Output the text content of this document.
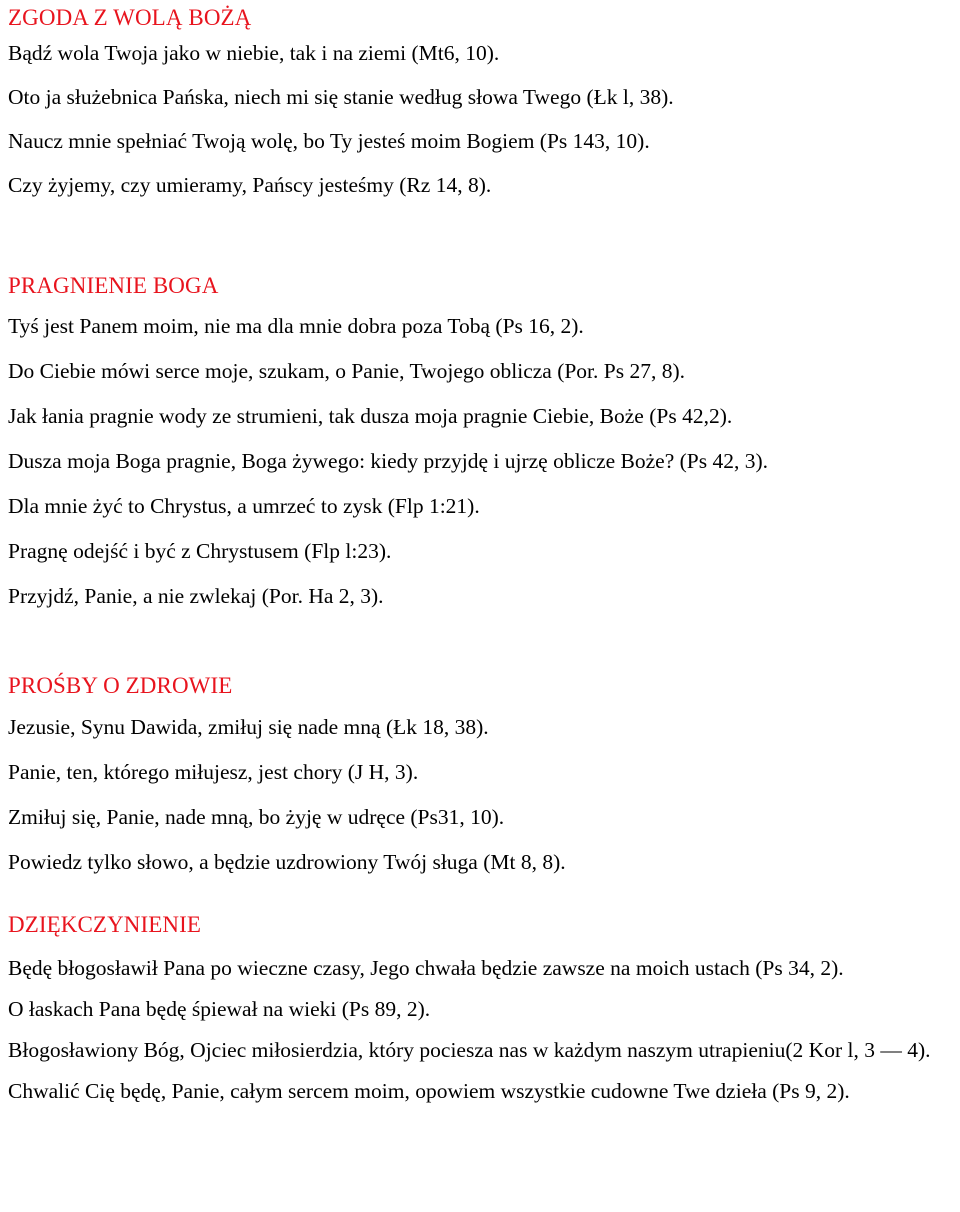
ZGODA Z WOLĄ BOŻĄ
Bądź wola Twoja jako w niebie, tak i na ziemi (Mt6, 10).
Oto ja służebnica Pańska, niech mi się stanie według słowa Twego (Łk l, 38).
Naucz mnie spełniać Twoją wolę, bo Ty jesteś moim Bogiem (Ps 143, 10).
Czy żyjemy, czy umieramy, Pańscy jesteśmy (Rz 14, 8).
PRAGNIENIE BOGA
Tyś jest Panem moim, nie ma dla mnie dobra poza Tobą (Ps 16, 2).
Do Ciebie mówi serce moje, szukam, o Panie, Twojego oblicza (Por. Ps 27, 8).
Jak łania pragnie wody ze strumieni, tak dusza moja pragnie Ciebie, Boże (Ps 42,2).
Dusza moja Boga pragnie, Boga żywego: kiedy przyjdę i ujrzę oblicze Boże? (Ps 42, 3).
Dla mnie żyć to Chrystus, a umrzeć to zysk (Flp 1:21).
Pragnę odejść i być z Chrystusem (Flp l:23).
Przyjdź, Panie, a nie zwlekaj (Por. Ha 2, 3).
PROŚBY O ZDROWIE
Jezusie, Synu Dawida, zmiłuj się nade mną (Łk 18, 38).
Panie, ten, którego miłujesz, jest chory (J H, 3).
Zmiłuj się, Panie, nade mną, bo żyję w udręce (Ps31, 10).
Powiedz tylko słowo, a będzie uzdrowiony Twój sługa (Mt 8, 8).
DZIĘKCZYNIENIE
Będę błogosławił Pana po wieczne czasy, Jego chwała będzie zawsze na moich ustach (Ps 34, 2).
O łaskach Pana będę śpiewał na wieki (Ps 89, 2).
Błogosławiony Bóg, Ojciec miłosierdzia, który pociesza nas w każdym naszym utrapieniu(2 Kor l, 3 — 4).
Chwalić Cię będę, Panie, całym sercem moim, opowiem wszystkie cudowne Twe dzieła (Ps 9, 2).
